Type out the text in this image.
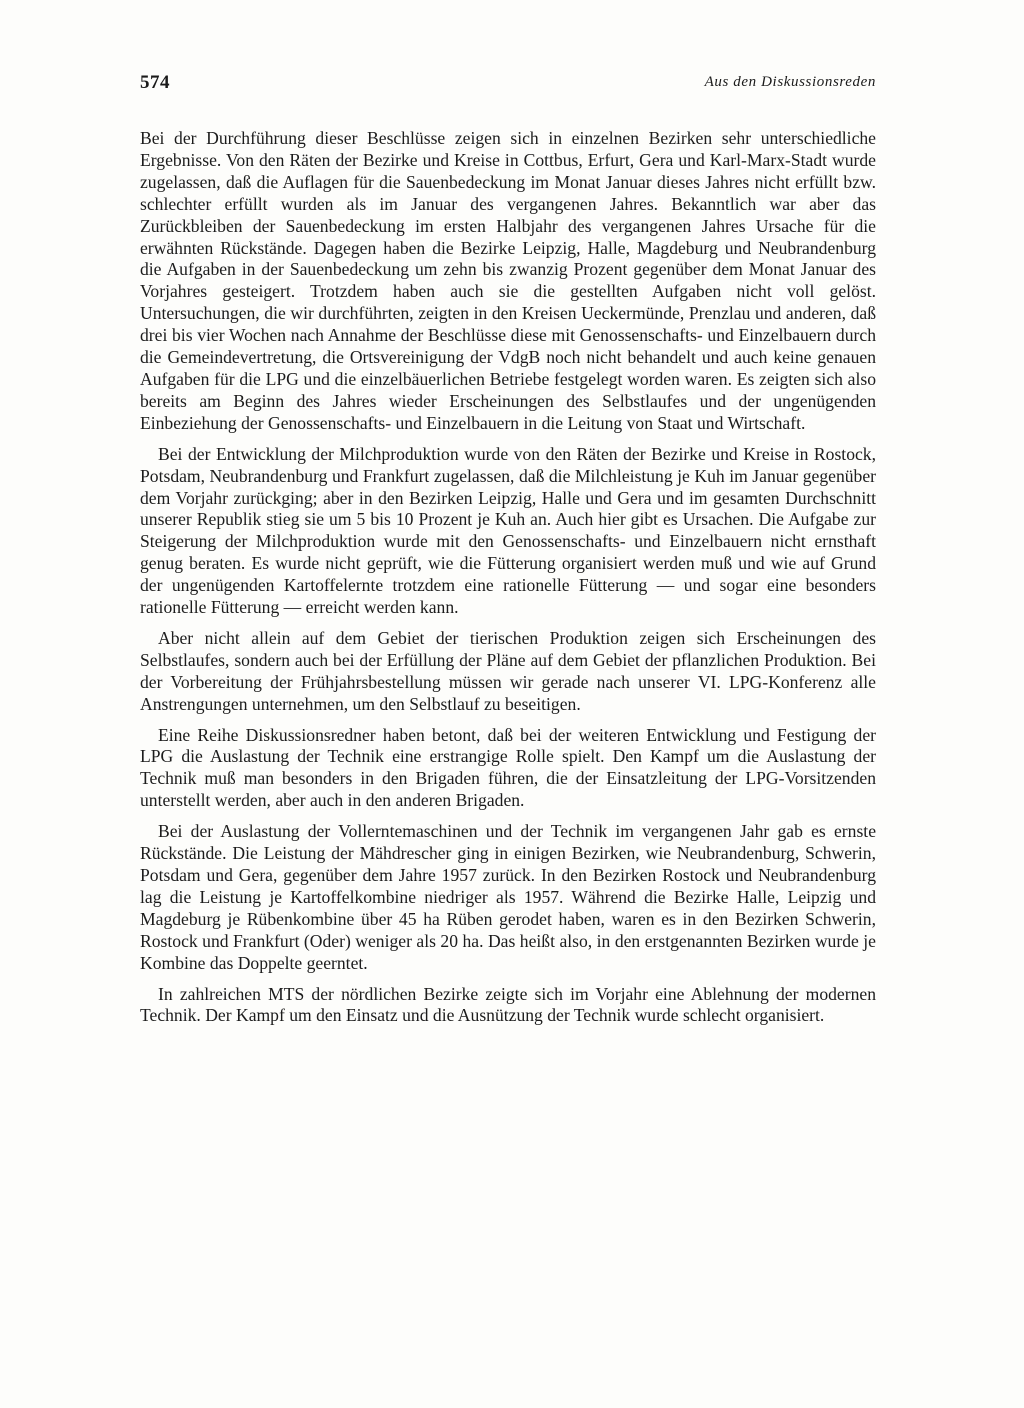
574	Aus den Diskussionsreden

Bei der Durchführung dieser Beschlüsse zeigen sich in einzelnen Bezirken sehr unterschiedliche Ergebnisse. Von den Räten der Bezirke und Kreise in Cottbus, Erfurt, Gera und Karl-Marx-Stadt wurde zugelassen, daß die Auflagen für die Sauenbedeckung im Monat Januar dieses Jahres nicht erfüllt bzw. schlechter erfüllt wurden als im Januar des vergangenen Jahres. Bekanntlich war aber das Zurückbleiben der Sauenbedeckung im ersten Halbjahr des vergangenen Jahres Ursache für die erwähnten Rückstände. Dagegen haben die Bezirke Leipzig, Halle, Magdeburg und Neubrandenburg die Aufgaben in der Sauenbedeckung um zehn bis zwanzig Prozent gegenüber dem Monat Januar des Vorjahres gesteigert. Trotzdem haben auch sie die gestellten Aufgaben nicht voll gelöst. Untersuchungen, die wir durchführten, zeigten in den Kreisen Ueckermünde, Prenzlau und anderen, daß drei bis vier Wochen nach Annahme der Beschlüsse diese mit Genossenschafts- und Einzelbauern durch die Gemeindevertretung, die Ortsvereinigung der VdgB noch nicht behandelt und auch keine genauen Aufgaben für die LPG und die einzelbäuerlichen Betriebe festgelegt worden waren. Es zeigten sich also bereits am Beginn des Jahres wieder Erscheinungen des Selbstlaufes und der ungenügenden Einbeziehung der Genossenschafts- und Einzelbauern in die Leitung von Staat und Wirtschaft.

Bei der Entwicklung der Milchproduktion wurde von den Räten der Bezirke und Kreise in Rostock, Potsdam, Neubrandenburg und Frankfurt zugelassen, daß die Milchleistung je Kuh im Januar gegenüber dem Vorjahr zurückging; aber in den Bezirken Leipzig, Halle und Gera und im gesamten Durchschnitt unserer Republik stieg sie um 5 bis 10 Prozent je Kuh an. Auch hier gibt es Ursachen. Die Aufgabe zur Steigerung der Milchproduktion wurde mit den Genossenschafts- und Einzelbauern nicht ernsthaft genug beraten. Es wurde nicht geprüft, wie die Fütterung organisiert werden muß und wie auf Grund der ungenügenden Kartoffelernte trotzdem eine rationelle Fütterung — und sogar eine besonders rationelle Fütterung — erreicht werden kann.

Aber nicht allein auf dem Gebiet der tierischen Produktion zeigen sich Erscheinungen des Selbstlaufes, sondern auch bei der Erfüllung der Pläne auf dem Gebiet der pflanzlichen Produktion. Bei der Vorbereitung der Frühjahrsbestellung müssen wir gerade nach unserer VI. LPG-Konferenz alle Anstrengungen unternehmen, um den Selbstlauf zu beseitigen.

Eine Reihe Diskussionsredner haben betont, daß bei der weiteren Entwicklung und Festigung der LPG die Auslastung der Technik eine erstrangige Rolle spielt. Den Kampf um die Auslastung der Technik muß man besonders in den Brigaden führen, die der Einsatzleitung der LPG-Vorsitzenden unterstellt werden, aber auch in den anderen Brigaden.

Bei der Auslastung der Vollerntemaschinen und der Technik im vergangenen Jahr gab es ernste Rückstände. Die Leistung der Mähdrescher ging in einigen Bezirken, wie Neubrandenburg, Schwerin, Potsdam und Gera, gegenüber dem Jahre 1957 zurück. In den Bezirken Rostock und Neubrandenburg lag die Leistung je Kartoffelkombine niedriger als 1957. Während die Bezirke Halle, Leipzig und Magdeburg je Rübenkombine über 45 ha Rüben gerodet haben, waren es in den Bezirken Schwerin, Rostock und Frankfurt (Oder) weniger als 20 ha. Das heißt also, in den erstgenannten Bezirken wurde je Kombine das Doppelte geerntet.

In zahlreichen MTS der nördlichen Bezirke zeigte sich im Vorjahr eine Ablehnung der modernen Technik. Der Kampf um den Einsatz und die Ausnützung der Technik wurde schlecht organisiert.
